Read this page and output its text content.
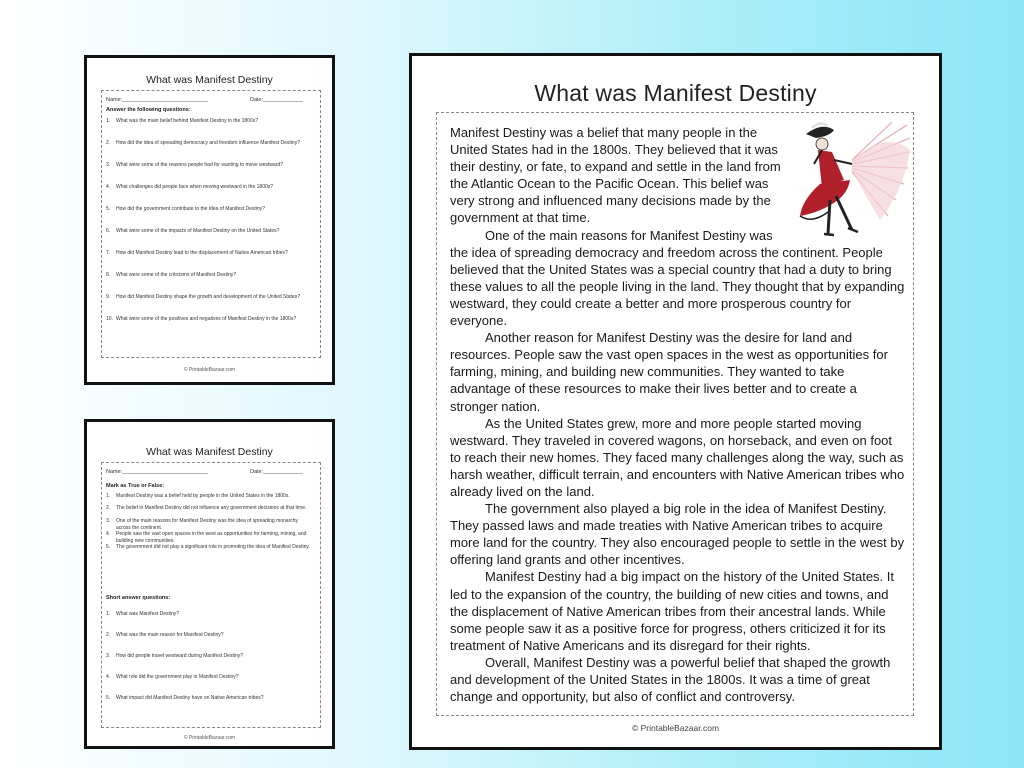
What was Manifest Destiny
Name:____________________________	Date:_____________
Answer the following questions:
1.	What was the main belief behind Manifest Destiny in the 1800s?
2.	How did the idea of spreading democracy and freedom influence Manifest Destiny?
3.	What were some of the reasons people had for wanting to move westward?
4.	What challenges did people face when moving westward in the 1800s?
5.	How did the government contribute to the idea of Manifest Destiny?
6.	What were some of the impacts of Manifest Destiny on the United States?
7.	How did Manifest Destiny lead to the displacement of Native American tribes?
8.	What were some of the criticisms of Manifest Destiny?
9.	How did Manifest Destiny shape the growth and development of the United States?
10. What were some of the positives and negatives of Manifest Destiny in the 1800s?
© PrintableBazaar.com
What was Manifest Destiny
Name:____________________________	Date:_____________
Mark as True or False:
1.	Manifest Destiny was a belief held by people in the United States in the 1800s.
2.	The belief in Manifest Destiny did not influence any government decisions at that time.
3.	One of the main reasons for Manifest Destiny was the idea of spreading monarchy across the continent.
4.	People saw the vast open spaces in the west as opportunities for farming, mining, and building new communities.
5.	The government did not play a significant role in promoting the idea of Manifest Destiny.
Short answer questions:
1.	What was Manifest Destiny?
2.	What was the main reason for Manifest Destiny?
3.	How did people travel westward during Manifest Destiny?
4.	What role did the government play in Manifest Destiny?
5.	What impact did Manifest Destiny have on Native American tribes?
© PrintableBazaar.com
What was Manifest Destiny

Manifest Destiny was a belief that many people in the United States had in the 1800s. They believed that it was their destiny, or fate, to expand and settle in the land from the Atlantic Ocean to the Pacific Ocean. This belief was very strong and influenced many decisions made by the government at that time.

One of the main reasons for Manifest Destiny was the idea of spreading democracy and freedom across the continent. People believed that the United States was a special country that had a duty to bring these values to all the people living in the land. They thought that by expanding westward, they could create a better and more prosperous country for everyone.

Another reason for Manifest Destiny was the desire for land and resources. People saw the vast open spaces in the west as opportunities for farming, mining, and building new communities. They wanted to take advantage of these resources to make their lives better and to create a stronger nation.

As the United States grew, more and more people started moving westward. They traveled in covered wagons, on horseback, and even on foot to reach their new homes. They faced many challenges along the way, such as harsh weather, difficult terrain, and encounters with Native American tribes who already lived on the land.

The government also played a big role in the idea of Manifest Destiny. They passed laws and made treaties with Native American tribes to acquire more land for the country. They also encouraged people to settle in the west by offering land grants and other incentives.

Manifest Destiny had a big impact on the history of the United States. It led to the expansion of the country, the building of new cities and towns, and the displacement of Native American tribes from their ancestral lands. While some people saw it as a positive force for progress, others criticized it for its treatment of Native Americans and its disregard for their rights.

Overall, Manifest Destiny was a powerful belief that shaped the growth and development of the United States in the 1800s. It was a time of great change and opportunity, but also of conflict and controversy.

© PrintableBazaar.com
